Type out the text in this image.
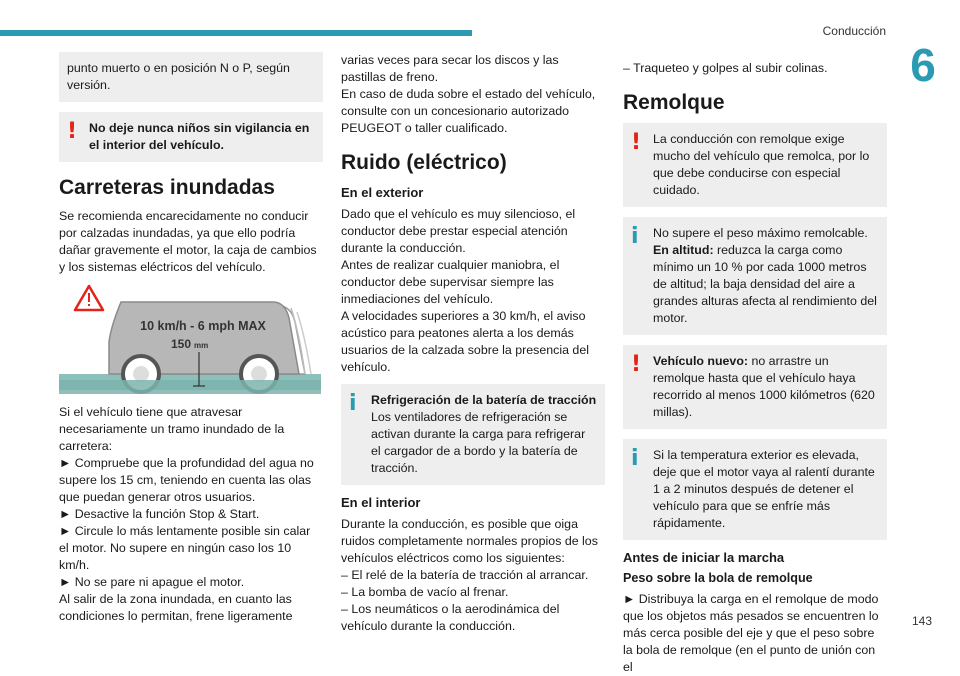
Conducción
6

punto muerto o en posición N o P, según versión.

! No deje nunca niños sin vigilancia en el interior del vehículo.

Carreteras inundadas

Se recomienda encarecidamente no conducir por calzadas inundadas, ya que ello podría dañar gravemente el motor, la caja de cambios y los sistemas eléctricos del vehículo.

10 km/h - 6 mph MAX
150 mm

Si el vehículo tiene que atravesar necesariamente un tramo inundado de la carretera:

► Compruebe que la profundidad del agua no supere los 15 cm, teniendo en cuenta las olas que puedan generar otros usuarios.

► Desactive la función Stop & Start.

► Circule lo más lentamente posible sin calar el motor. No supere en ningún caso los 10 km/h.

► No se pare ni apague el motor.

Al salir de la zona inundada, en cuanto las condiciones lo permitan, frene ligeramente

varias veces para secar los discos y las pastillas de freno.

En caso de duda sobre el estado del vehículo, consulte con un concesionario autorizado PEUGEOT o taller cualificado.

Ruido (eléctrico)
En el exterior

Dado que el vehículo es muy silencioso, el conductor debe prestar especial atención durante la conducción.

Antes de realizar cualquier maniobra, el conductor debe supervisar siempre las inmediaciones del vehículo.

A velocidades superiores a 30 km/h, el aviso acústico para peatones alerta a los demás usuarios de la calzada sobre la presencia del vehículo.

i	Refrigeración de la batería de tracción

Los ventiladores de refrigeración se activan durante la carga para refrigerar el cargador de a bordo y la batería de tracción.

En el interior

Durante la conducción, es posible que oiga ruidos completamente normales propios de los vehículos eléctricos como los siguientes:

– El relé de la batería de tracción al arrancar.

– La bomba de vacío al frenar.

– Los neumáticos o la aerodinámica del vehículo durante la conducción.

– Traqueteo y golpes al subir colinas.

Remolque
! La conducción con remolque exige mucho del vehículo que remolca, por lo que debe conducirse con especial cuidado.

i	No supere el peso máximo remolcable.

En altitud: reduzca la carga como mínimo un 10 % por cada 1000 metros de altitud; la baja densidad del aire a grandes alturas afecta al rendimiento del motor.

! Vehículo nuevo: no arrastre un remolque hasta que el vehículo haya recorrido al menos 1000 kilómetros (620 millas).

i	Si la temperatura exterior es elevada, deje que el motor vaya al ralentí durante 1 a 2 minutos después de detener el vehículo para que se enfríe más rápidamente.

Antes de iniciar la marcha
Peso sobre la bola de remolque

► Distribuya la carga en el remolque de modo que los objetos más pesados se encuentren lo más cerca posible del eje y que el peso sobre la bola de remolque (en el punto de unión con el

143
